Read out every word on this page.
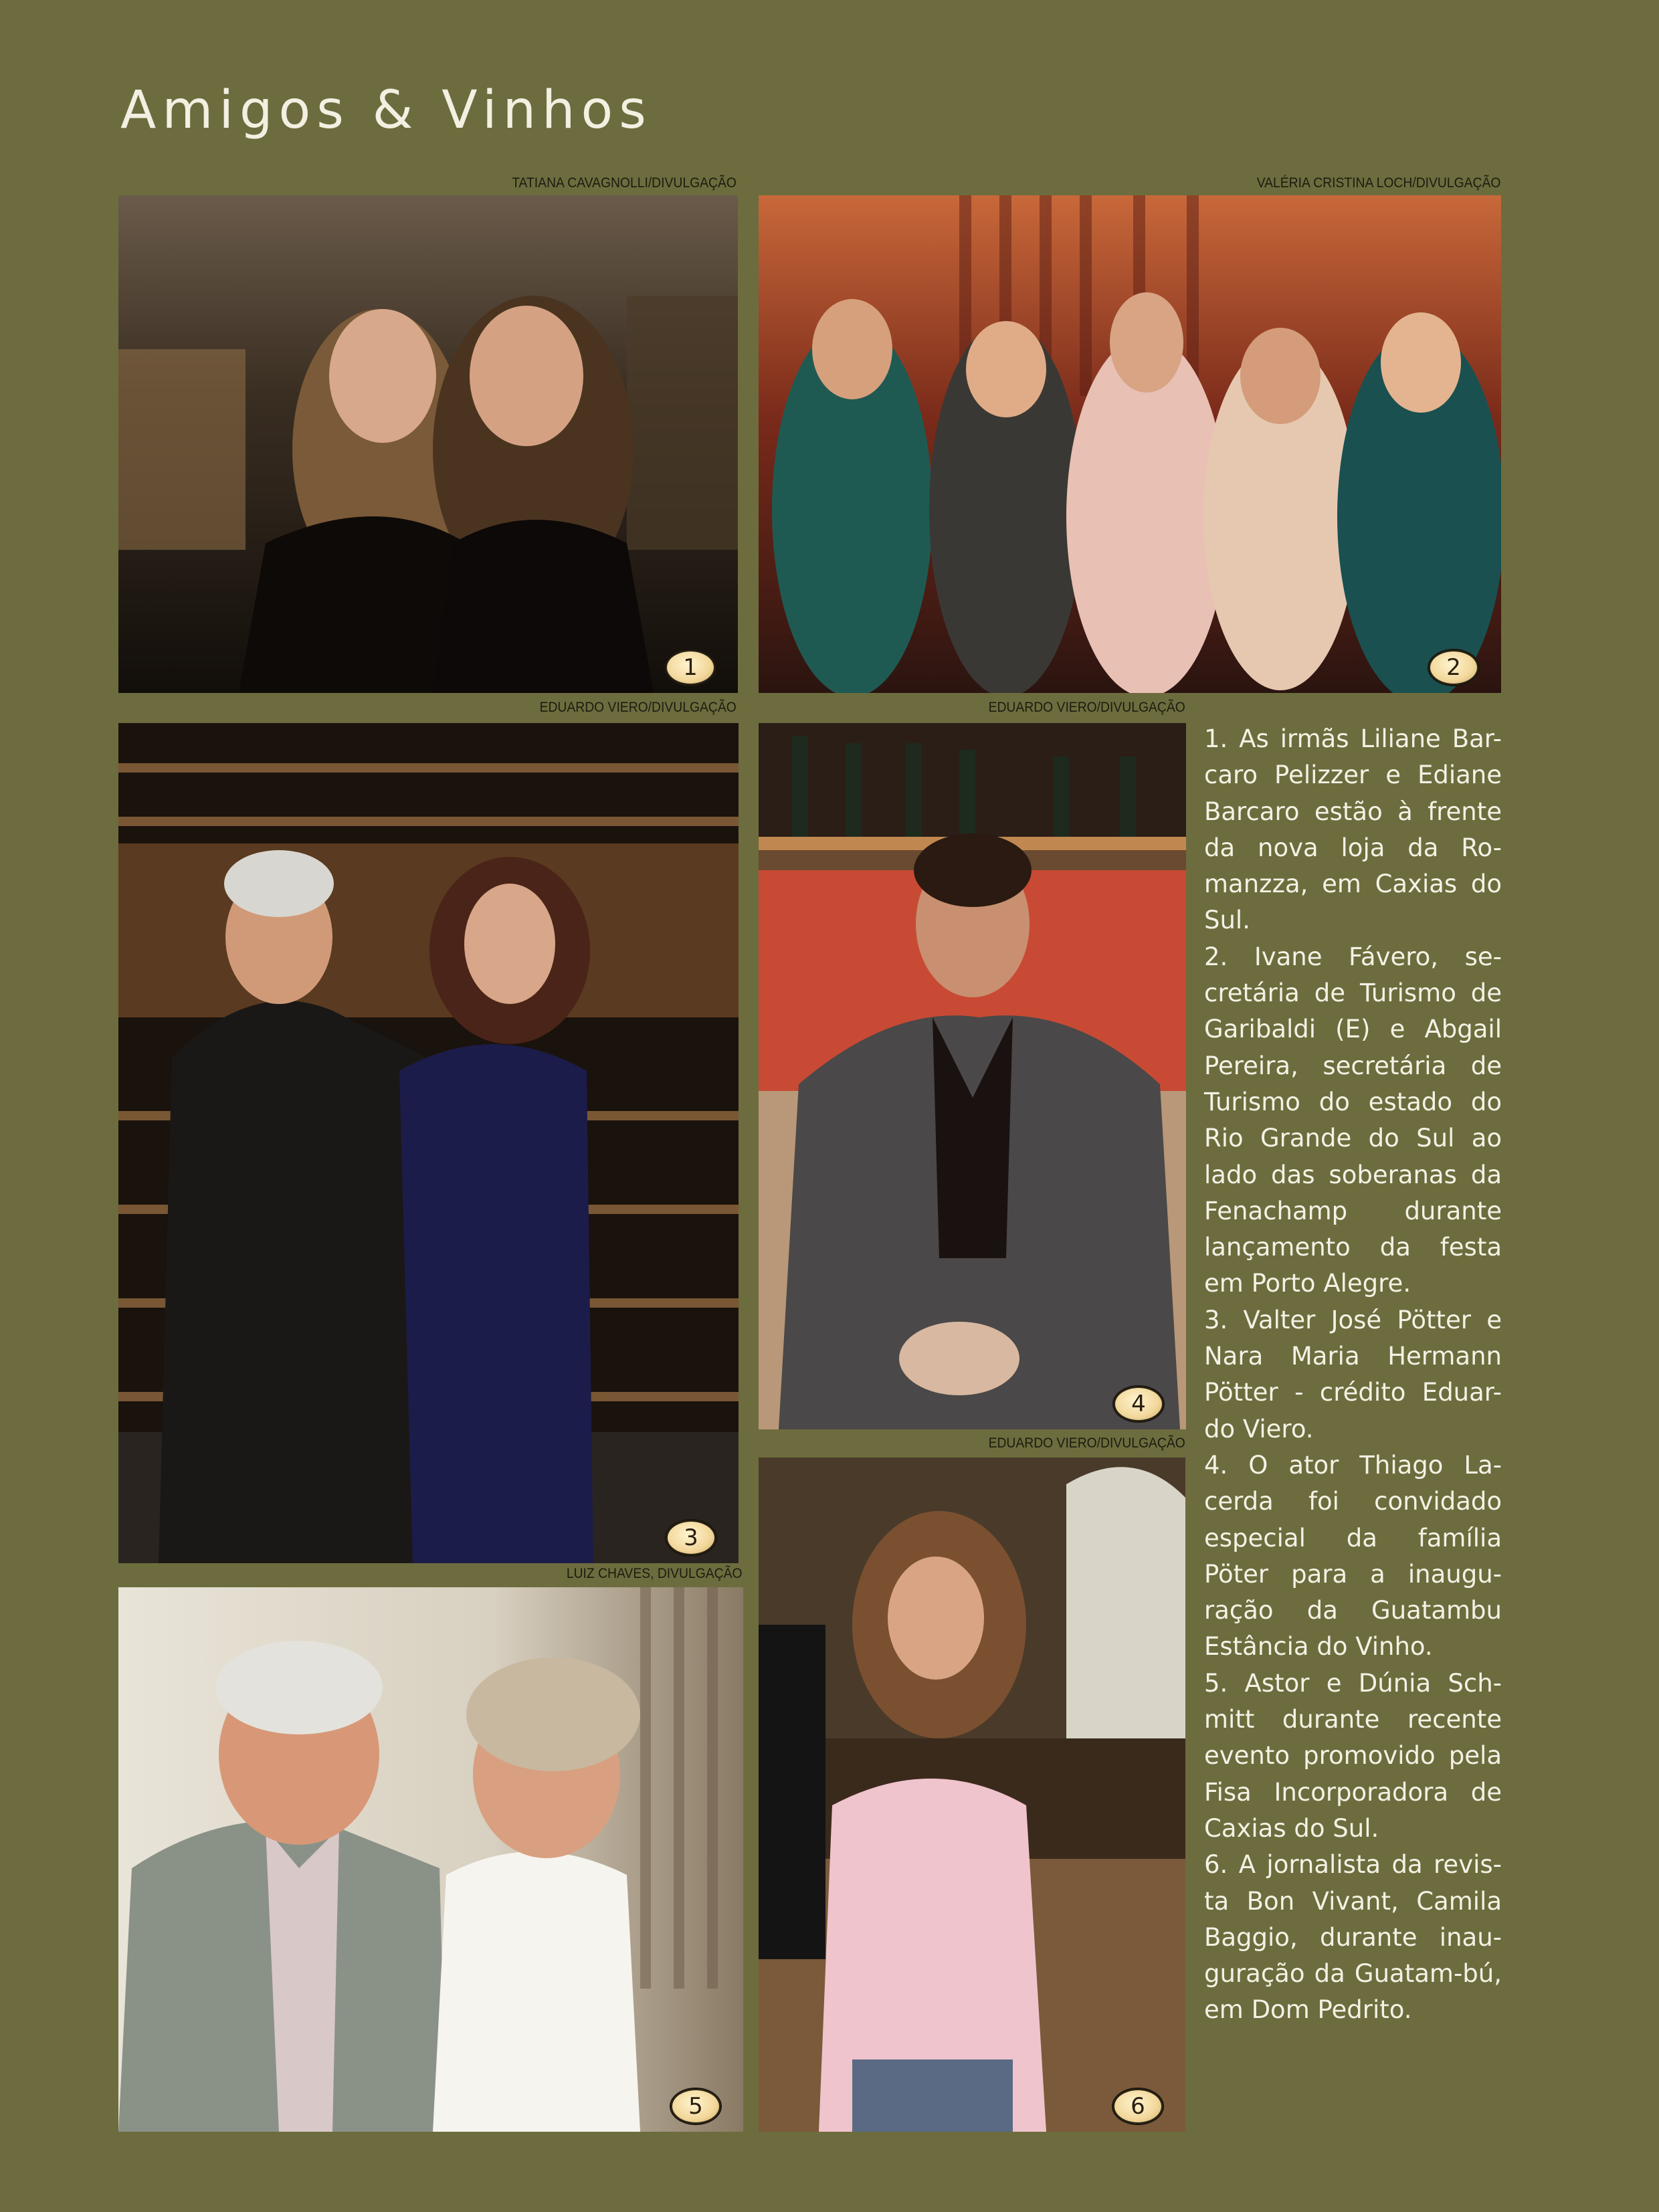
Amigos & Vinhos
TATIANA CAVAGNOLLI/DIVULGAÇÃO
1
VALÉRIA CRISTINA LOCH/DIVULGAÇÃO
2
EDUARDO VIERO/DIVULGAÇÃO
3
EDUARDO VIERO/DIVULGAÇÃO
4
LUIZ CHAVES, DIVULGAÇÃO
5
EDUARDO VIERO/DIVULGAÇÃO
6

1. As irmãs Liliane Bar-caro Pelizzer e Ediane Barcaro estão à frente da nova loja da Ro-manzza, em Caxias do Sul.

2. Ivane Fávero, se-cretária de Turismo de Garibaldi (E) e Abgail Pereira, secretária de Turismo do estado do Rio Grande do Sul ao lado das soberanas da Fenachamp durante lançamento da festa em Porto Alegre.

3. Valter José Pötter e Nara Maria Hermann Pötter - crédito Eduar-do Viero.

4. O ator Thiago La-cerda foi convidado especial da família Pöter para a inaugu-ração da Guatambu Estância do Vinho.

5. Astor e Dúnia Sch-mitt durante recente evento promovido pela Fisa Incorporadora de Caxias do Sul.

6. A jornalista da revis-ta Bon Vivant, Camila Baggio, durante inau-guração da Guatam-bú, em Dom Pedrito.
